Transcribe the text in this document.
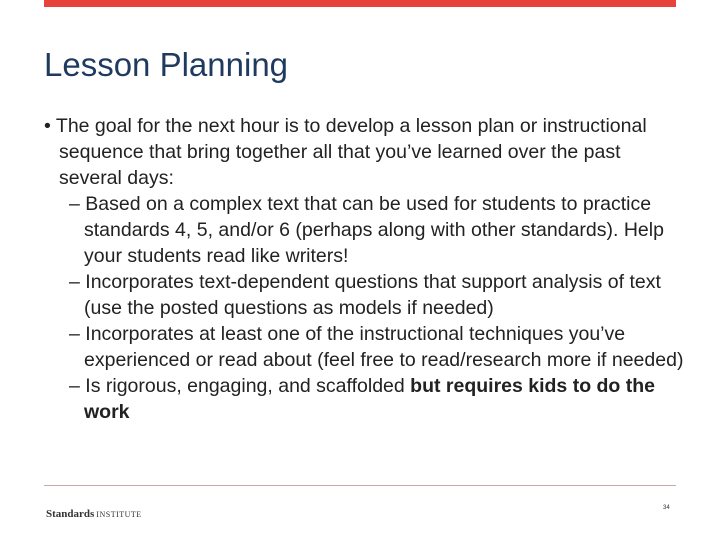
Lesson Planning

• The goal for the next hour is to develop a lesson plan or instructional sequence that bring together all that you’ve learned over the past several days:

– Based on a complex text that can be used for students to practice standards 4, 5, and/or 6 (perhaps along with other standards). Help your students read like writers!

– Incorporates text-dependent questions that support analysis of text (use the posted questions as models if needed)

– Incorporates at least one of the instructional techniques you’ve experienced or read about (feel free to read/research more if needed)

– Is rigorous, engaging, and scaffolded but requires kids to do the work

Standards INSTITUTE
34
